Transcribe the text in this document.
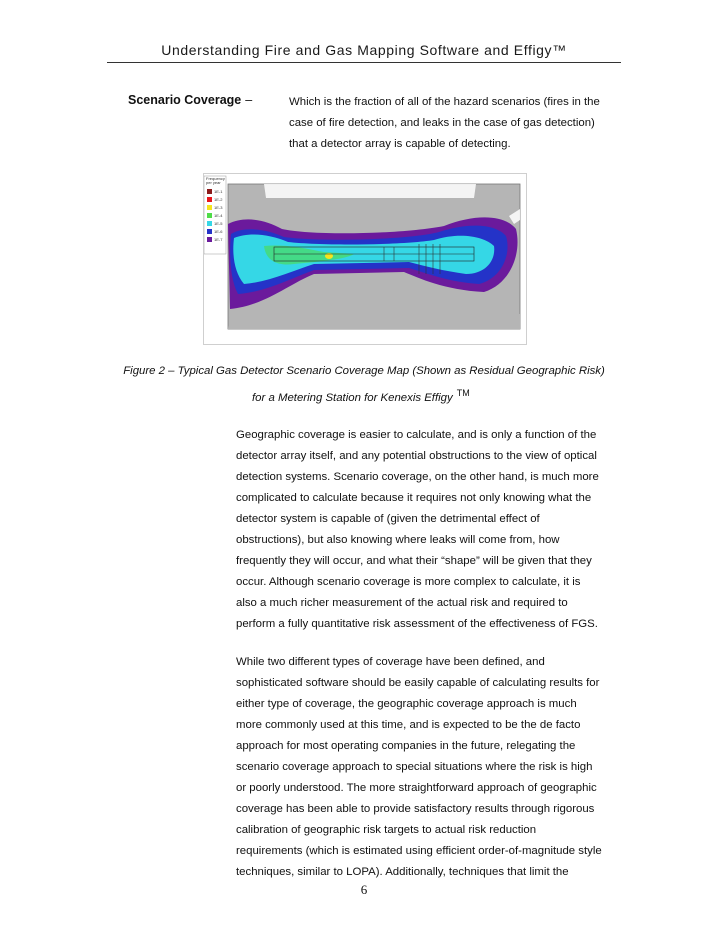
Understanding Fire and Gas Mapping Software and Effigy™
Scenario Coverage –	Which is the fraction of all of the hazard scenarios (fires in the
case of fire detection, and leaks in the case of gas detection)
that a detector array is capable of detecting.
Frequency
per year
1E-1
1E-2
1E-3
1E-4
1E-5
1E-6
1E-7
Figure 2 – Typical Gas Detector Scenario Coverage Map (Shown as Residual Geographic Risk)
for a Metering Station for Kenexis Effigy ™
Geographic coverage is easier to calculate, and is only a function of the
detector array itself, and any potential obstructions to the view of optical
detection systems. Scenario coverage, on the other hand, is much more
complicated to calculate because it requires not only knowing what the
detector system is capable of (given the detrimental effect of
obstructions), but also knowing where leaks will come from, how
frequently they will occur, and what their “shape” will be given that they
occur. Although scenario coverage is more complex to calculate, it is
also a much richer measurement of the actual risk and required to
perform a fully quantitative risk assessment of the effectiveness of FGS.
While two different types of coverage have been defined, and
sophisticated software should be easily capable of calculating results for
either type of coverage, the geographic coverage approach is much
more commonly used at this time, and is expected to be the de facto
approach for most operating companies in the future, relegating the
scenario coverage approach to special situations where the risk is high
or poorly understood. The more straightforward approach of geographic
coverage has been able to provide satisfactory results through rigorous
calibration of geographic risk targets to actual risk reduction
requirements (which is estimated using efficient order-of-magnitude style
techniques, similar to LOPA). Additionally, techniques that limit the
6
